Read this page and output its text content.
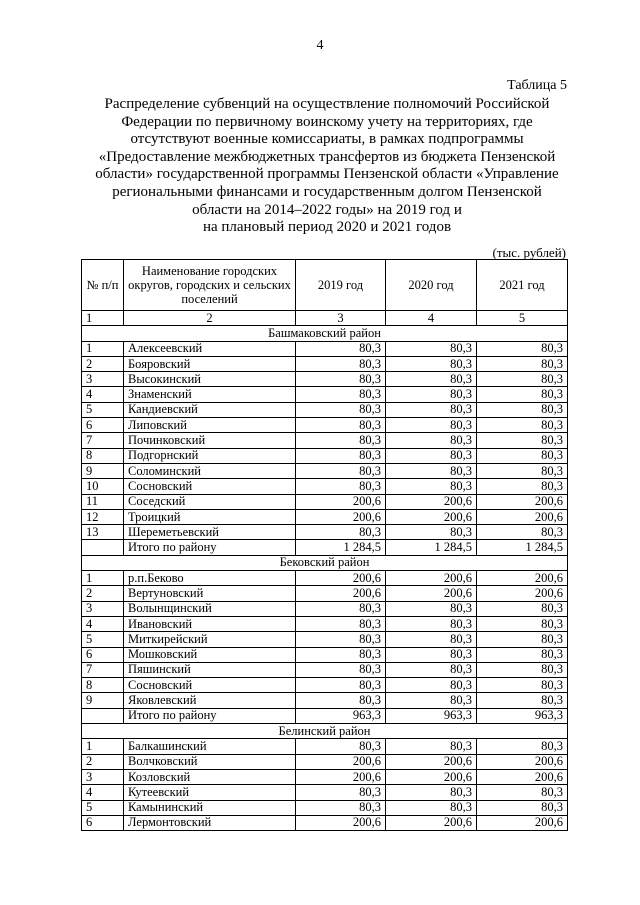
4
Таблица 5
Распределение субвенций на осуществление полномочий Российской
Федерации по первичному воинскому учету на территориях, где
отсутствуют военные комиссариаты, в рамках подпрограммы
«Предоставление межбюджетных трансфертов из бюджета Пензенской
области» государственной программы Пензенской области «Управление
региональными финансами и государственным долгом Пензенской
области на 2014–2022 годы» на 2019 год и
на плановый период 2020 и 2021 годов
(тыс. рублей)
№ п/п	Наименование городских округов, городских и сельских поселений	2019 год	2020 год	2021 год
1	2	3	4	5
Башмаковский район				
1	Алексеевский	80,3	80,3	80,3
2	Бояровский	80,3	80,3	80,3
3	Высокинский	80,3	80,3	80,3
4	Знаменский	80,3	80,3	80,3
5	Кандиевский	80,3	80,3	80,3
6	Липовский	80,3	80,3	80,3
7	Починковский	80,3	80,3	80,3
8	Подгорнский	80,3	80,3	80,3
9	Соломинский	80,3	80,3	80,3
10	Сосновский	80,3	80,3	80,3
11	Соседский	200,6	200,6	200,6
12	Троицкий	200,6	200,6	200,6
13	Шереметьевский	80,3	80,3	80,3
	Итого по району	1 284,5	1 284,5	1 284,5
Бековский район				
1	р.п.Беково	200,6	200,6	200,6
2	Вертуновский	200,6	200,6	200,6
3	Волынщинский	80,3	80,3	80,3
4	Ивановский	80,3	80,3	80,3
5	Миткирейский	80,3	80,3	80,3
6	Мошковский	80,3	80,3	80,3
7	Пяшинский	80,3	80,3	80,3
8	Сосновский	80,3	80,3	80,3
9	Яковлевский	80,3	80,3	80,3
	Итого по району	963,3	963,3	963,3
Белинский район				
1	Балкашинский	80,3	80,3	80,3
2	Волчковский	200,6	200,6	200,6
3	Козловский	200,6	200,6	200,6
4	Кутеевский	80,3	80,3	80,3
5	Камынинский	80,3	80,3	80,3
6	Лермонтовский	200,6	200,6	200,6
